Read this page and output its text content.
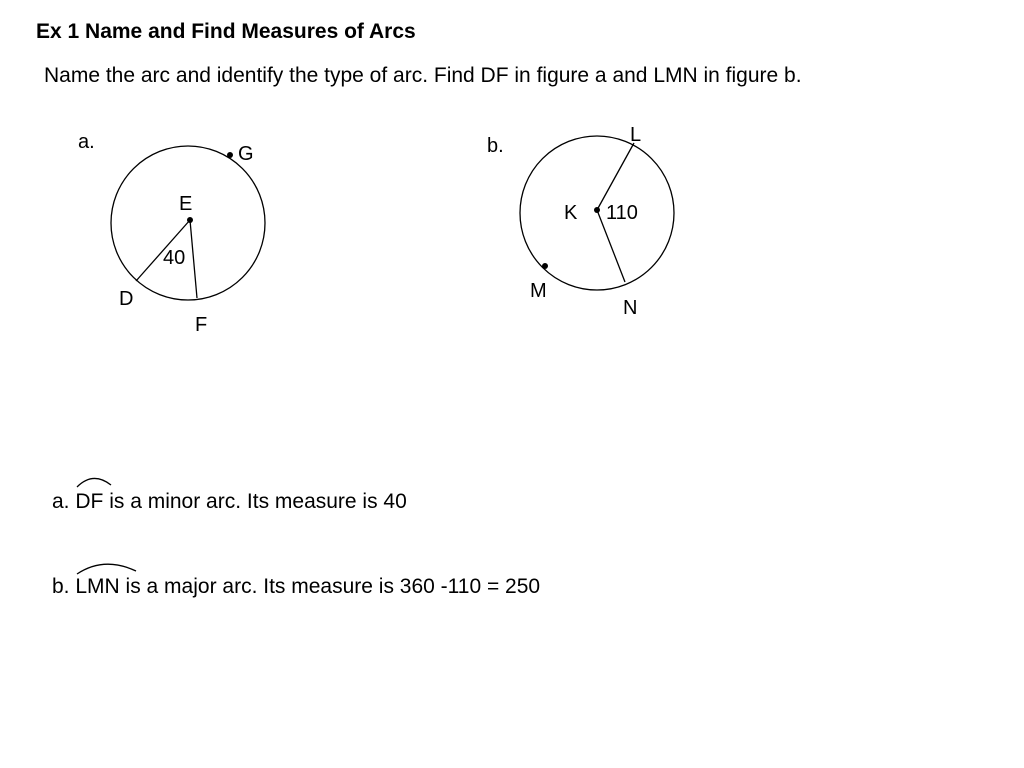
Ex 1 Name and Find Measures of Arcs
Name the arc and identify the type of arc. Find DF in figure a and LMN in figure b.
a.
G
E
40
D
F
b.	L
K 110
M
N
a. DF is a minor arc. Its measure is 40
b. LMN is a major arc. Its measure is 360 -110 = 250
